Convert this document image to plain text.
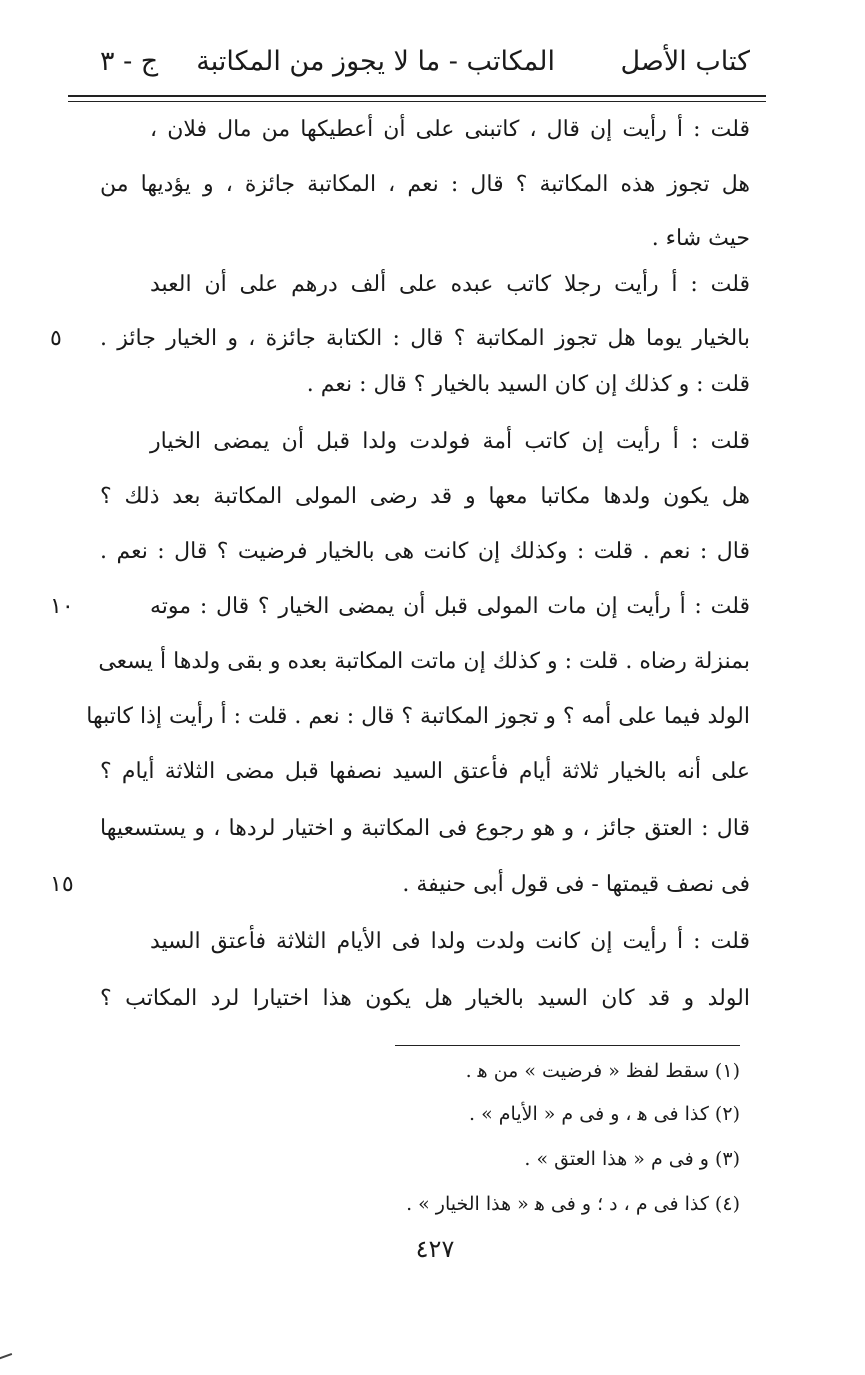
كتاب الأصل
المكاتب - ما لا يجوز من المكاتبة
ج - ٣
قلت : أ رأيت إن قال ، كاتبنى على أن أعطيكها من مال فلان ،
هل تجوز هذه المكاتبة ؟ قال : نعم ، المكاتبة جائزة ، و يؤديها من
حيث شاء .
قلت : أ رأيت رجلا كاتب عبده على ألف درهم على أن العبد
بالخيار يوما هل تجوز المكاتبة ؟ قال : الكتابة جائزة ، و الخيار جائز .
٥
قلت : و كذلك إن كان السيد بالخيار ؟ قال : نعم .
قلت : أ رأيت إن كاتب أمة فولدت ولدا قبل أن يمضى الخيار
هل يكون ولدها مكاتبا معها و قد رضى المولى المكاتبة بعد ذلك ؟
قال : نعم . قلت : وكذلك إن كانت هى بالخيار فرضيت ؟ قال : نعم .
قلت : أ رأيت إن مات المولى قبل أن يمضى الخيار ؟ قال : موته
١٠
بمنزلة رضاه . قلت : و كذلك إن ماتت المكاتبة بعده و بقى ولدها أ يسعى
الولد فيما على أمه ؟ و تجوز المكاتبة ؟ قال : نعم . قلت : أ رأيت إذا كاتبها
على أنه بالخيار ثلاثة أيام فأعتق السيد نصفها قبل مضى الثلاثة أيام ؟
قال : العتق جائز ، و هو رجوع فى المكاتبة و اختيار لردها ، و يستسعيها
فى نصف قيمتها - فى قول أبى حنيفة .
١٥
قلت : أ رأيت إن كانت ولدت ولدا فى الأيام الثلاثة فأعتق السيد
الولد و قد كان السيد بالخيار هل يكون هذا اختيارا لرد المكاتب ؟
(١) سقط لفظ « فرضيت » من ﻫ .
(٢) كذا فى ﻫ ، و فى م « الأيام » .
(٣) و فى م « هذا العتق » .
(٤) كذا فى م ، د ؛ و فى ﻫ « هذا الخيار » .
٤٢٧
